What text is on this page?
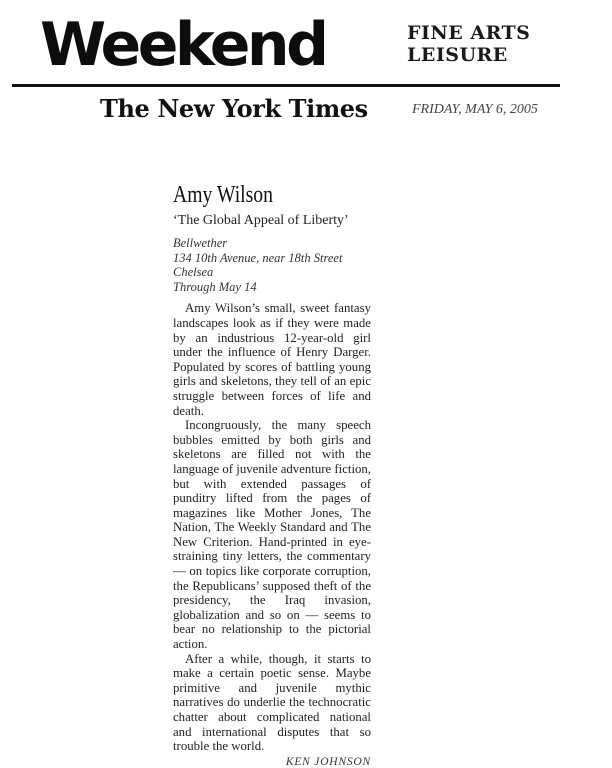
Weekend	FINE ARTS
LEISURE
The New York Times	FRIDAY, MAY 6, 2005
Amy Wilson
‘The Global Appeal of Liberty’
Bellwether
134 10th Avenue, near 18th Street
Chelsea
Through May 14

Amy Wilson’s small, sweet fantasy landscapes look as if they were made by an industrious 12-year-old girl under the influence of Henry Darger. Populated by scores of battling young girls and skeletons, they tell of an epic struggle between forces of life and death.

Incongruously, the many speech bubbles emitted by both girls and skeletons are filled not with the language of juvenile adventure fiction, but with extended passages of punditry lifted from the pages of magazines like Mother Jones, The Nation, The Weekly Standard and The New Criterion. Hand-printed in eye-straining tiny letters, the commentary — on topics like corporate corruption, the Republicans’ supposed theft of the presidency, the Iraq invasion, globalization and so on — seems to bear no relationship to the pictorial action.

After a while, though, it starts to make a certain poetic sense. Maybe primitive and juvenile mythic narratives do underlie the technocratic chatter about complicated national and international disputes that so trouble the world.

KEN JOHNSON
